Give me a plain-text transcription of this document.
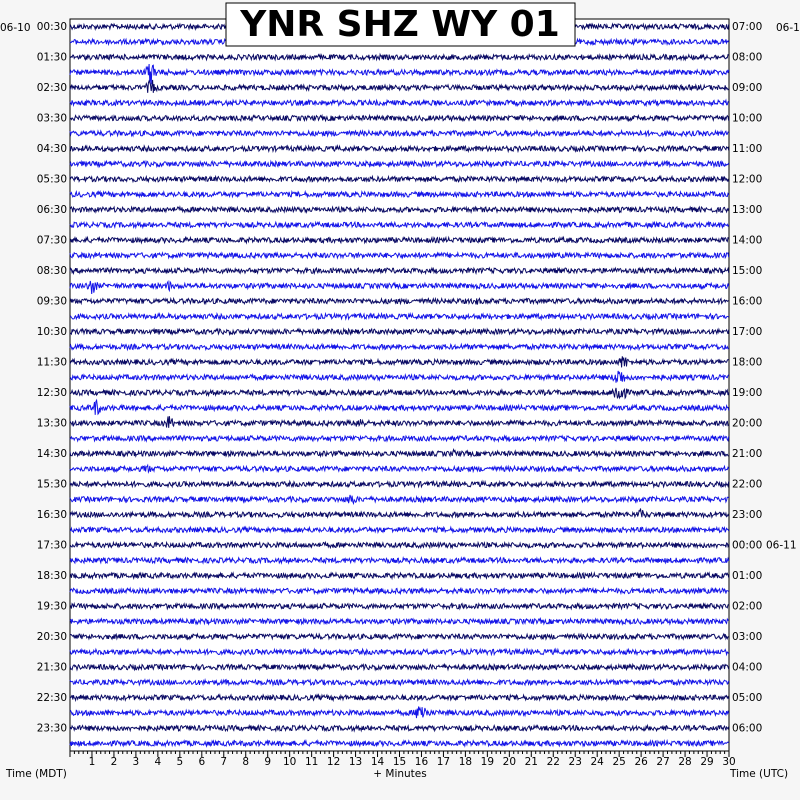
00:30
01:30
02:30
03:30
04:30
05:30
06:30
07:30
08:30
09:30
10:30
11:30
12:30
13:30
14:30
15:30
16:30
17:30
18:30
19:30
20:30
21:30
22:30
23:30
07:00
08:00
09:00
10:00
11:00
12:00
13:00
14:00
15:00
16:00
17:00
18:00
19:00
20:00
21:00
22:00
23:00
00:00 06-11
01:00
02:00
03:00
04:00
05:00
06:00
1 2 3 4 5 6 7 8 9 10 11 12 13 14 15 16 17 18 19 20 21 22 23 24 25 26 27 28 29 30
06-10	06-1
YNR SHZ WY 01
Time (MDT)	+ Minutes	Time (UTC)
